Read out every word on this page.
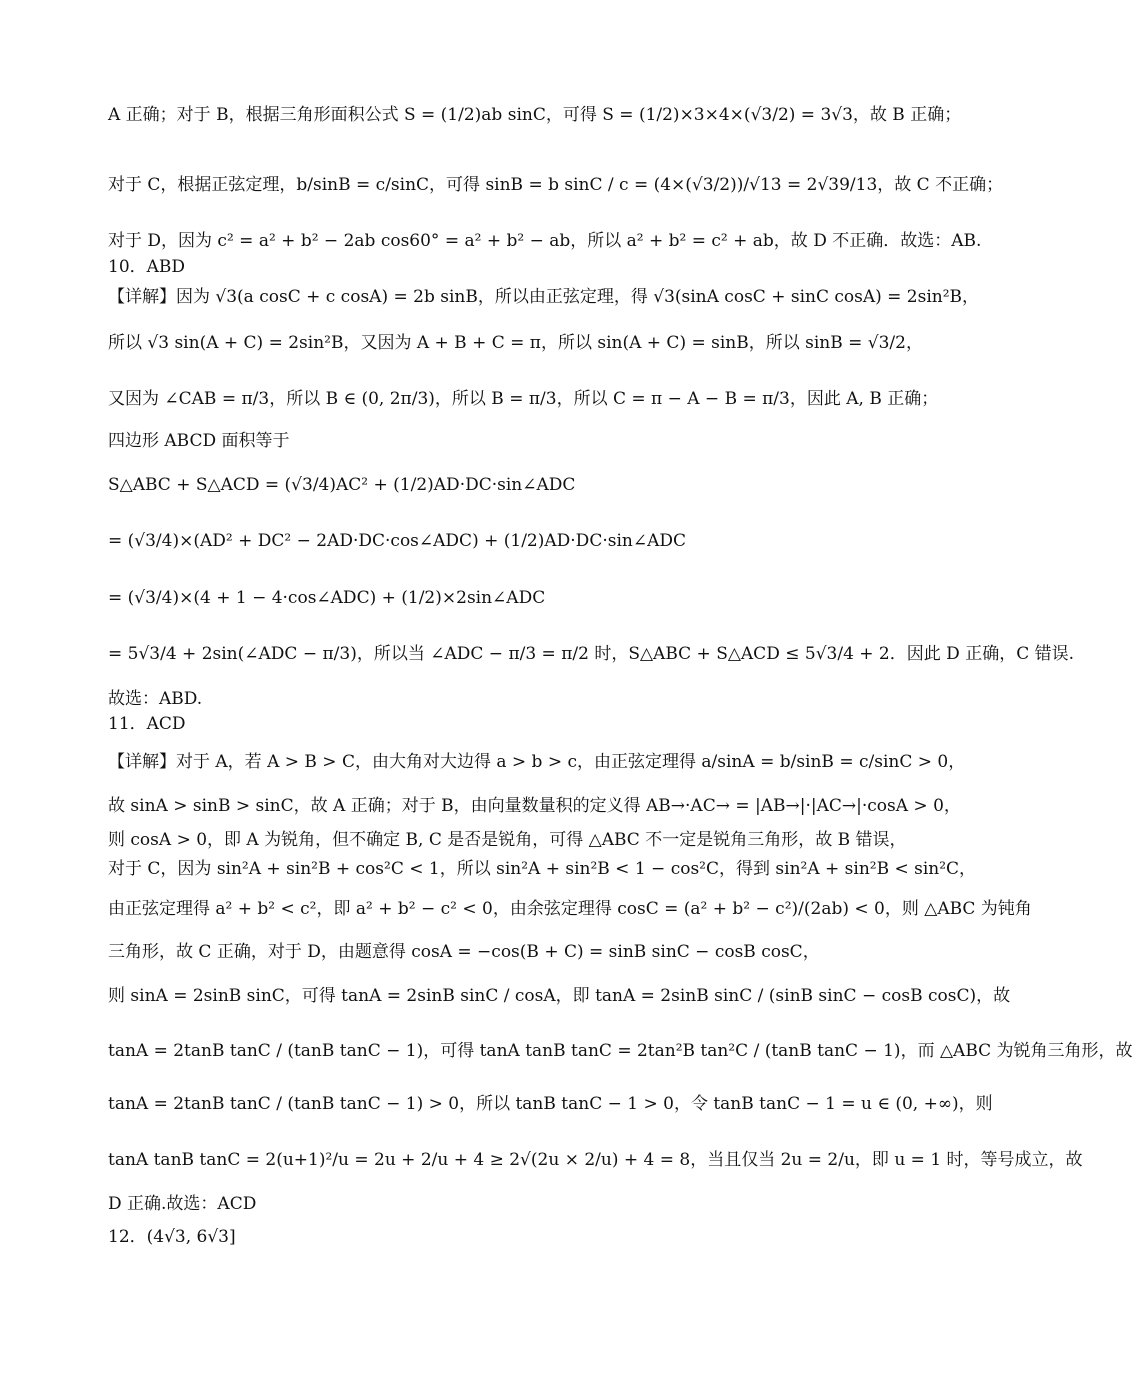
A 正确；对于 B，根据三角形面积公式 S = (1/2)ab sinC，可得 S = (1/2)×3×4×(√3/2) = 3√3，故 B 正确；
对于 C，根据正弦定理，b/sinB = c/sinC，可得 sinB = b sinC / c = (4×(√3/2))/√13 = 2√39/13，故 C 不正确；
对于 D，因为 c² = a² + b² − 2ab cos60° = a² + b² − ab，所以 a² + b² = c² + ab，故 D 不正确．故选：AB.
10．ABD
【详解】因为 √3(a cosC + c cosA) = 2b sinB，所以由正弦定理，得 √3(sinA cosC + sinC cosA) = 2sin²B，
所以 √3 sin(A + C) = 2sin²B，又因为 A + B + C = π，所以 sin(A + C) = sinB，所以 sinB = √3/2，
又因为 ∠CAB = π/3，所以 B ∈ (0, 2π/3)，所以 B = π/3，所以 C = π − A − B = π/3，因此 A, B 正确；
四边形 ABCD 面积等于
S△ABC + S△ACD = (√3/4)AC² + (1/2)AD·DC·sin∠ADC
= (√3/4)×(AD² + DC² − 2AD·DC·cos∠ADC) + (1/2)AD·DC·sin∠ADC
= (√3/4)×(4 + 1 − 4·cos∠ADC) + (1/2)×2sin∠ADC
= 5√3/4 + 2sin(∠ADC − π/3)，所以当 ∠ADC − π/3 = π/2 时，S△ABC + S△ACD ≤ 5√3/4 + 2．因此 D 正确，C 错误.
故选：ABD.
11．ACD
【详解】对于 A，若 A > B > C，由大角对大边得 a > b > c，由正弦定理得 a/sinA = b/sinB = c/sinC > 0，
故 sinA > sinB > sinC，故 A 正确；对于 B，由向量数量积的定义得 AB→·AC→ = |AB→|·|AC→|·cosA > 0，
则 cosA > 0，即 A 为锐角，但不确定 B, C 是否是锐角，可得 △ABC 不一定是锐角三角形，故 B 错误，
对于 C，因为 sin²A + sin²B + cos²C < 1，所以 sin²A + sin²B < 1 − cos²C，得到 sin²A + sin²B < sin²C，
由正弦定理得 a² + b² < c²，即 a² + b² − c² < 0，由余弦定理得 cosC = (a² + b² − c²)/(2ab) < 0，则 △ABC 为钝角
三角形，故 C 正确，对于 D，由题意得 cosA = −cos(B + C) = sinB sinC − cosB cosC，
则 sinA = 2sinB sinC，可得 tanA = 2sinB sinC / cosA，即 tanA = 2sinB sinC / (sinB sinC − cosB cosC)，故
tanA = 2tanB tanC / (tanB tanC − 1)，可得 tanA tanB tanC = 2tan²B tan²C / (tanB tanC − 1)，而 △ABC 为锐角三角形，故
tanA = 2tanB tanC / (tanB tanC − 1) > 0，所以 tanB tanC − 1 > 0，令 tanB tanC − 1 = u ∈ (0, +∞)，则
tanA tanB tanC = 2(u+1)²/u = 2u + 2/u + 4 ≥ 2√(2u × 2/u) + 4 = 8，当且仅当 2u = 2/u，即 u = 1 时，等号成立，故
D 正确.故选：ACD
12．(4√3, 6√3]
